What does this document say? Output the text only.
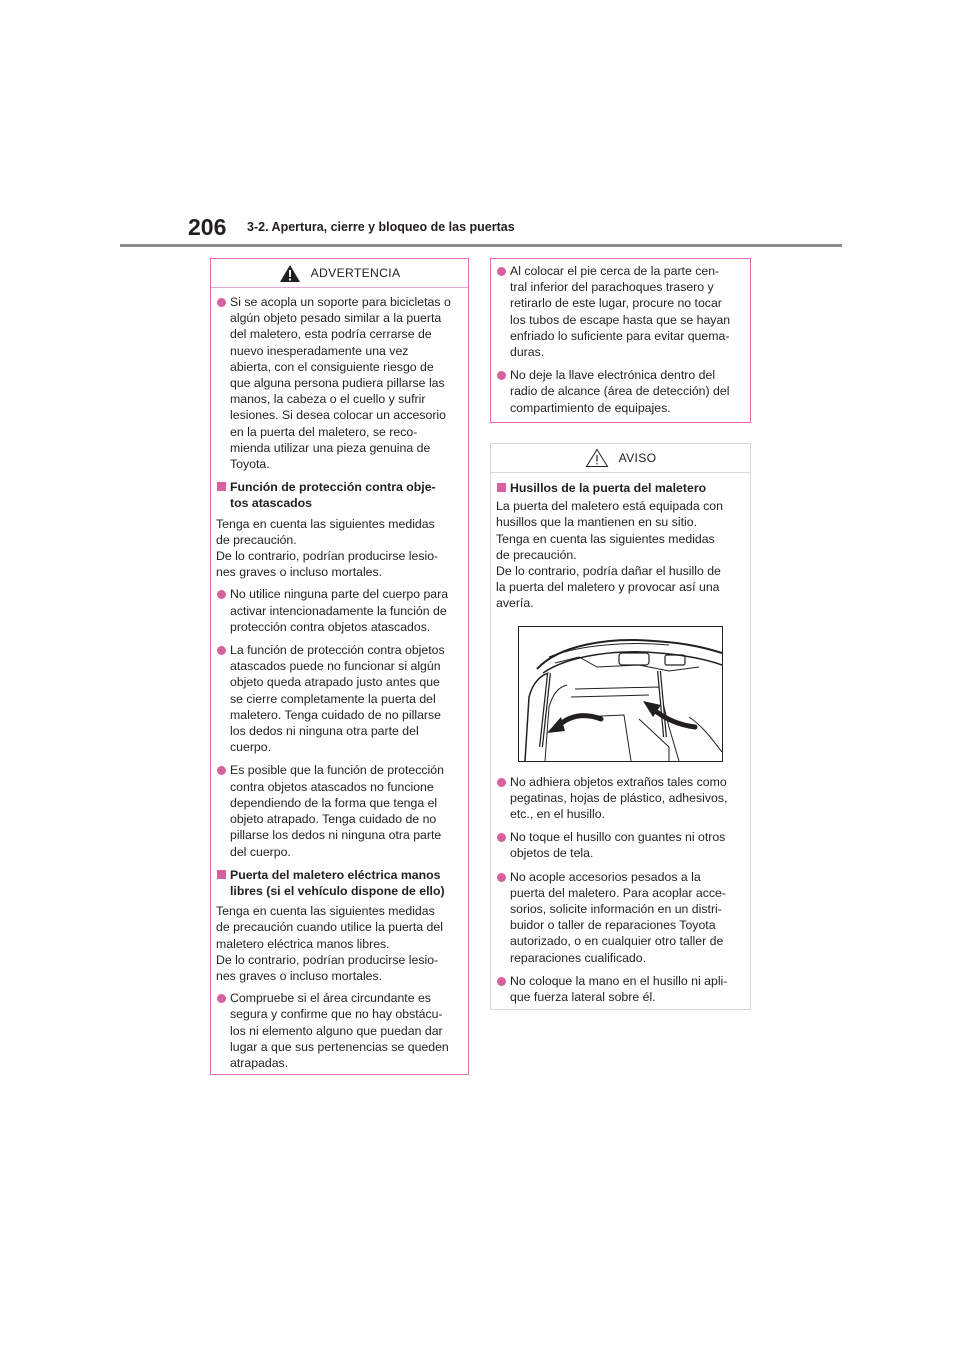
206 3-2. Apertura, cierre y bloqueo de las puertas
ADVERTENCIA
Si se acopla un soporte para bicicletas o
algún objeto pesado similar a la puerta
del maletero, esta podría cerrarse de
nuevo inesperadamente una vez
abierta, con el consiguiente riesgo de
que alguna persona pudiera pillarse las
manos, la cabeza o el cuello y sufrir
lesiones. Si desea colocar un accesorio
en la puerta del maletero, se reco-
mienda utilizar una pieza genuina de
Toyota.
Función de protección contra obje-
tos atascados
Tenga en cuenta las siguientes medidas
de precaución.
De lo contrario, podrían producirse lesio-
nes graves o incluso mortales.
No utilice ninguna parte del cuerpo para
activar intencionadamente la función de
protección contra objetos atascados.
La función de protección contra objetos
atascados puede no funcionar si algún
objeto queda atrapado justo antes que
se cierre completamente la puerta del
maletero. Tenga cuidado de no pillarse
los dedos ni ninguna otra parte del
cuerpo.
Es posible que la función de protección
contra objetos atascados no funcione
dependiendo de la forma que tenga el
objeto atrapado. Tenga cuidado de no
pillarse los dedos ni ninguna otra parte
del cuerpo.
Puerta del maletero eléctrica manos
libres (si el vehículo dispone de ello)
Tenga en cuenta las siguientes medidas
de precaución cuando utilice la puerta del
maletero eléctrica manos libres.
De lo contrario, podrían producirse lesio-
nes graves o incluso mortales.
Compruebe si el área circundante es
segura y confirme que no hay obstácu-
los ni elemento alguno que puedan dar
lugar a que sus pertenencias se queden
atrapadas.
Al colocar el pie cerca de la parte cen-
tral inferior del parachoques trasero y
retirarlo de este lugar, procure no tocar
los tubos de escape hasta que se hayan
enfriado lo suficiente para evitar quema-
duras.
No deje la llave electrónica dentro del
radio de alcance (área de detección) del
compartimiento de equipajes.
AVISO
Husillos de la puerta del maletero
La puerta del maletero está equipada con
husillos que la mantienen en su sitio.
Tenga en cuenta las siguientes medidas
de precaución.
De lo contrario, podría dañar el husillo de
la puerta del maletero y provocar así una
avería.
No adhiera objetos extraños tales como
pegatinas, hojas de plástico, adhesivos,
etc., en el husillo.
No toque el husillo con guantes ni otros
objetos de tela.
No acople accesorios pesados a la
puerta del maletero. Para acoplar acce-
sorios, solicite información en un distri-
buidor o taller de reparaciones Toyota
autorizado, o en cualquier otro taller de
reparaciones cualificado.
No coloque la mano en el husillo ni apli-
que fuerza lateral sobre él.
